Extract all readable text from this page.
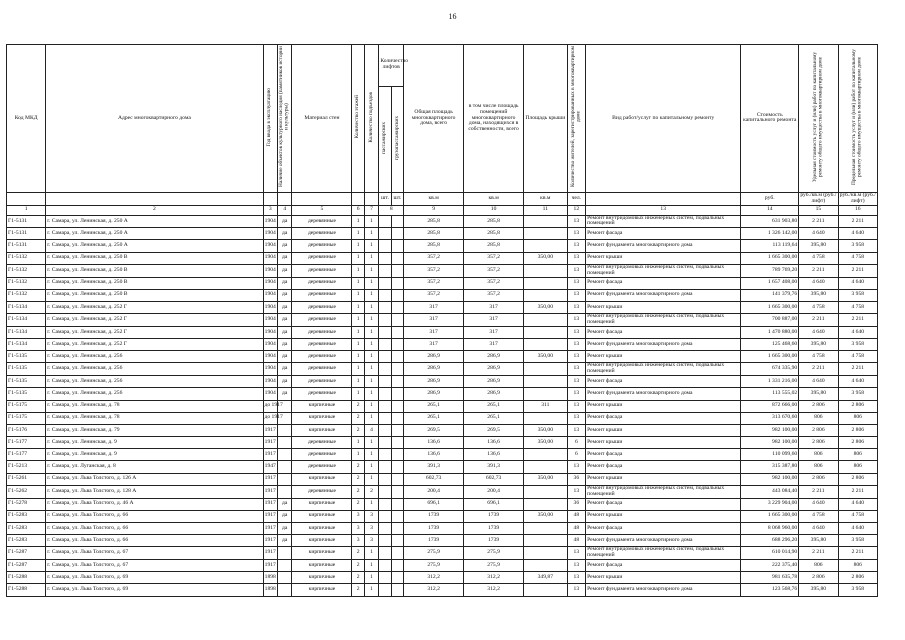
16
Код МКД	Адрес многоквартирного дома	Год ввода в эксплуатацию	Наличие объектов культурного наследия (памятников истории и культуры)	Материал стен	Количество этажей	Количество подъездов	Количество лифтов		Общая площадь многоквартирного дома, всего	в том числе площадь помещений многоквартирного дома, находящихся в собственности, всего	Площадь крыши	Количество жителей, зарегистрированных в многоквартирном доме	Вид работ/услуг по капитальному ремонту	Стоимость капитального ремонта	Удельная стоимость услуг и (или) работ по капитальному ремонту общего имущества в многоквартирном доме	Предельная стоимость услуг и (или) работ по капитальному ремонту общего имущества в многоквартирном доме
							пассажирских	грузопассажирских								
							шт.	шт.	кв.м	кв.м	кв.м	чел.		руб.	руб./кв.м (руб./лифт)	руб./кв.м (руб./лифт)
1	2	3	4	5	6	7	8		9	10	11	12	13	14	15	16
Г1-5131	г. Самара, ул. Ленинская, д. 250 А	1904	да	деревянные	1	1			285,8	285,8		13	Ремонт внутридомовых инженерных систем, подвальных помещений	631 903,80	2 211	2 211
Г1-5131	г. Самара, ул. Ленинская, д. 250 А	1904	да	деревянные	1	1			285,8	285,8		13	Ремонт фасада	1 326 142,00	4 640	4 640
Г1-5131	г. Самара, ул. Ленинская, д. 250 А	1904	да	деревянные	1	1			285,8	285,8		13	Ремонт фундамента многоквартирного дома	113 119,64	395,80	3 958
Г1-5132	г. Самара, ул. Ленинская, д. 250 В	1904	да	деревянные	1	1			357,2	357,2	350,00	13	Ремонт крыши	1 665 300,00	4 758	4 758
Г1-5132	г. Самара, ул. Ленинская, д. 250 В	1904	да	деревянные	1	1			357,2	357,2		13	Ремонт внутридомовых инженерных систем, подвальных помещений	789 769,20	2 211	2 211
Г1-5132	г. Самара, ул. Ленинская, д. 250 В	1904	да	деревянные	1	1			357,2	357,2		13	Ремонт фасада	1 657 408,00	4 640	4 640
Г1-5132	г. Самара, ул. Ленинская, д. 250 В	1904	да	деревянные	1	1			357,2	357,2		13	Ремонт фундамента многоквартирного дома	141 379,76	395,80	3 958
Г1-5134	г. Самара, ул. Ленинская, д. 252 Г	1904	да	деревянные	1	1			317	317	350,00	13	Ремонт крыши	1 665 300,00	4 758	4 758
Г1-5134	г. Самара, ул. Ленинская, д. 252 Г	1904	да	деревянные	1	1			317	317		13	Ремонт внутридомовых инженерных систем, подвальных помещений	700 887,00	2 211	2 211
Г1-5134	г. Самара, ул. Ленинская, д. 252 Г	1904	да	деревянные	1	1			317	317		13	Ремонт фасада	1 470 880,00	4 640	4 640
Г1-5134	г. Самара, ул. Ленинская, д. 252 Г	1904	да	деревянные	1	1			317	317		13	Ремонт фундамента многоквартирного дома	125 468,60	395,80	3 958
Г1-5135	г. Самара, ул. Ленинская, д. 256	1904	да	деревянные	1	1			286,9	286,9	350,00	13	Ремонт крыши	1 665 300,00	4 758	4 758
Г1-5135	г. Самара, ул. Ленинская, д. 256	1904	да	деревянные	1	1			286,9	286,9		13	Ремонт внутридомовых инженерных систем, подвальных помещений	674 335,90	2 211	2 211
Г1-5135	г. Самара, ул. Ленинская, д. 256	1904	да	деревянные	1	1			286,9	286,9		13	Ремонт фасада	1 331 216,00	4 640	4 640
Г1-5135	г. Самара, ул. Ленинская, д. 256	1904	да	деревянные	1	1			286,9	286,9		13	Ремонт фундамента многоквартирного дома	113 555,02	395,80	3 958
Г1-5175	г. Самара, ул. Ленинская, д. 78	до 1917		кирпичные	2	1			265,1	265,1	311	13	Ремонт крыши	872 666,00	2 806	2 806
Г1-5175	г. Самара, ул. Ленинская, д. 78	до 1917		кирпичные	2	1			265,1	265,1		13	Ремонт фасада	313 670,60	806	806
Г1-5176	г. Самара, ул. Ленинская, д. 79	1917		кирпичные	2	4			269,5	269,5	350,00	13	Ремонт крыши	982 100,00	2 806	2 806
Г1-5177	г. Самара, ул. Ленинская, д. 9	1917		деревянные	1	1			136,6	136,6	350,00	6	Ремонт крыши	982 100,00	2 806	2 806
Г1-5177	г. Самара, ул. Ленинская, д. 9	1917		деревянные	1	1			136,6	136,6		6	Ремонт фасада	110 099,60	806	806
Г1-5213	г. Самара, ул. Луганская, д. 8	1947		деревянные	2	1			391,3	391,3		13	Ремонт фасада	315 387,80	806	806
Г1-5261	г. Самара, ул. Льва Толстого, д. 126 А	1917		кирпичные	2	1			602,73	602,73	350,00	36	Ремонт крыши	982 100,00	2 806	2 806
Г1-5262	г. Самара, ул. Льва Толстого, д. 128 А	1917		деревянные	2	2			200,4	200,4		13	Ремонт внутридомовых инженерных систем, подвальных помещений	443 084,40	2 211	2 211
Г1-5278	г. Самара, ул. Льва Толстого, д. 46 А	1917	да	кирпичные	2	1			696,1	696,1		36	Ремонт фасада	3 229 904,00	4 640	4 640
Г1-5283	г. Самара, ул. Льва Толстого, д. 66	1917	да	кирпичные	3	3			1739	1739	350,00	48	Ремонт крыши	1 665 300,00	4 758	4 758
Г1-5283	г. Самара, ул. Льва Толстого, д. 66	1917	да	кирпичные	3	3			1739	1739		48	Ремонт фасада	8 068 960,00	4 640	4 640
Г1-5283	г. Самара, ул. Льва Толстого, д. 66	1917	да	кирпичные	3	3			1739	1739		48	Ремонт фундамента многоквартирного дома	688 296,20	395,80	3 958
Г1-5287	г. Самара, ул. Льва Толстого, д. 67	1917		кирпичные	2	1			275,9	275,9		13	Ремонт внутридомовых инженерных систем, подвальных помещений	610 014,90	2 211	2 211
Г1-5287	г. Самара, ул. Льва Толстого, д. 67	1917		кирпичные	2	1			275,9	275,9		13	Ремонт фасада	222 375,40	806	806
Г1-5288	г. Самара, ул. Льва Толстого, д. 69	1898		кирпичные	2	1			312,2	312,2	349,87	13	Ремонт крыши	981 635,78	2 806	2 806
Г1-5288	г. Самара, ул. Льва Толстого, д. 69	1898		кирпичные	2	1			312,2	312,2		13	Ремонт фундамента многоквартирного дома	123 568,76	395,80	3 958
